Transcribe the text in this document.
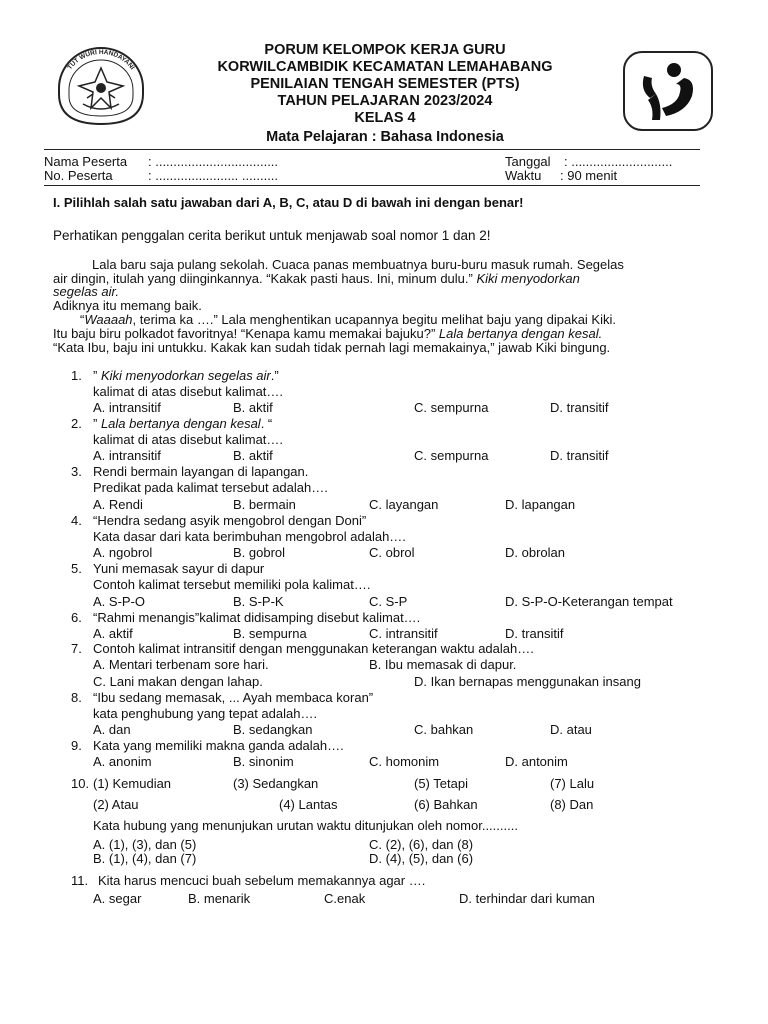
TUT WURI HANDAYANI
PORUM KELOMPOK KERJA GURU
KORWILCAMBIDIK KECAMATAN LEMAHABANG
PENILAIAN TENGAH SEMESTER (PTS)
TAHUN PELAJARAN 2023/2024
KELAS 4
Mata Pelajaran : Bahasa Indonesia
Nama Peserta : ..................................
No. Peserta	: ....................... ..........
Tanggal : ............................
Waktu : 90 menit
I. Pilihlah salah satu jawaban dari A, B, C, atau D di bawah ini dengan benar!
Perhatikan penggalan cerita berikut untuk menjawab soal nomor 1 dan 2!
Lala baru saja pulang sekolah. Cuaca panas membuatnya buru-buru masuk rumah. Segelas
air dingin, itulah yang diinginkannya. “Kakak pasti haus. Ini, minum dulu.” Kiki menyodorkan
segelas air.
Adiknya itu memang baik.
“Waaaah, terima ka ….” Lala menghentikan ucapannya begitu melihat baju yang dipakai Kiki.
Itu baju biru polkadot favoritnya! “Kenapa kamu memakai bajuku?” Lala bertanya dengan kesal.
“Kata Ibu, baju ini untukku. Kakak kan sudah tidak pernah lagi memakainya,” jawab Kiki bingung.
1. ” Kiki menyodorkan segelas air.”
kalimat di atas disebut kalimat….
A. intransitif	B. aktif	C. sempurna	D. transitif
2. ” Lala bertanya dengan kesal. “
kalimat di atas disebut kalimat….
A. intransitif	B. aktif	C. sempurna	D. transitif
3. Rendi bermain layangan di lapangan.
Predikat pada kalimat tersebut adalah….
A. Rendi	B. bermain	C. layangan	D. lapangan
4. “Hendra sedang asyik mengobrol dengan Doni”
Kata dasar dari kata berimbuhan mengobrol adalah….
A. ngobrol	B. gobrol	C. obrol	D. obrolan
5. Yuni memasak sayur di dapur
Contoh kalimat tersebut memiliki pola kalimat….
A. S-P-O	B. S-P-K	C. S-P	D. S-P-O-Keterangan tempat
6. “Rahmi menangis”kalimat didisamping disebut kalimat….
A. aktif	B. sempurna	C. intransitif	D. transitif
7. Contoh kalimat intransitif dengan menggunakan keterangan waktu adalah….
A. Mentari terbenam sore hari.	B. Ibu memasak di dapur.
C. Lani makan dengan lahap.	D. Ikan bernapas menggunakan insang
8. “Ibu sedang memasak, ... Ayah membaca koran”
kata penghubung yang tepat adalah….
A. dan	B. sedangkan	C. bahkan	D. atau
9. Kata yang memiliki makna ganda adalah….
A. anonim	B. sinonim	C. homonim	D. antonim
10. (1) Kemudian	(3) Sedangkan	(5) Tetapi	(7) Lalu
(2) Atau	(4) Lantas	(6) Bahkan	(8) Dan
Kata hubung yang menunjukan urutan waktu ditunjukan oleh nomor..........
A. (1), (3), dan (5)	C. (2), (6), dan (8)
B. (1), (4), dan (7)	D. (4), (5), dan (6)
11. Kita harus mencuci buah sebelum memakannya agar ….
A. segar	B. menarik	C.enak	D. terhindar dari kuman
